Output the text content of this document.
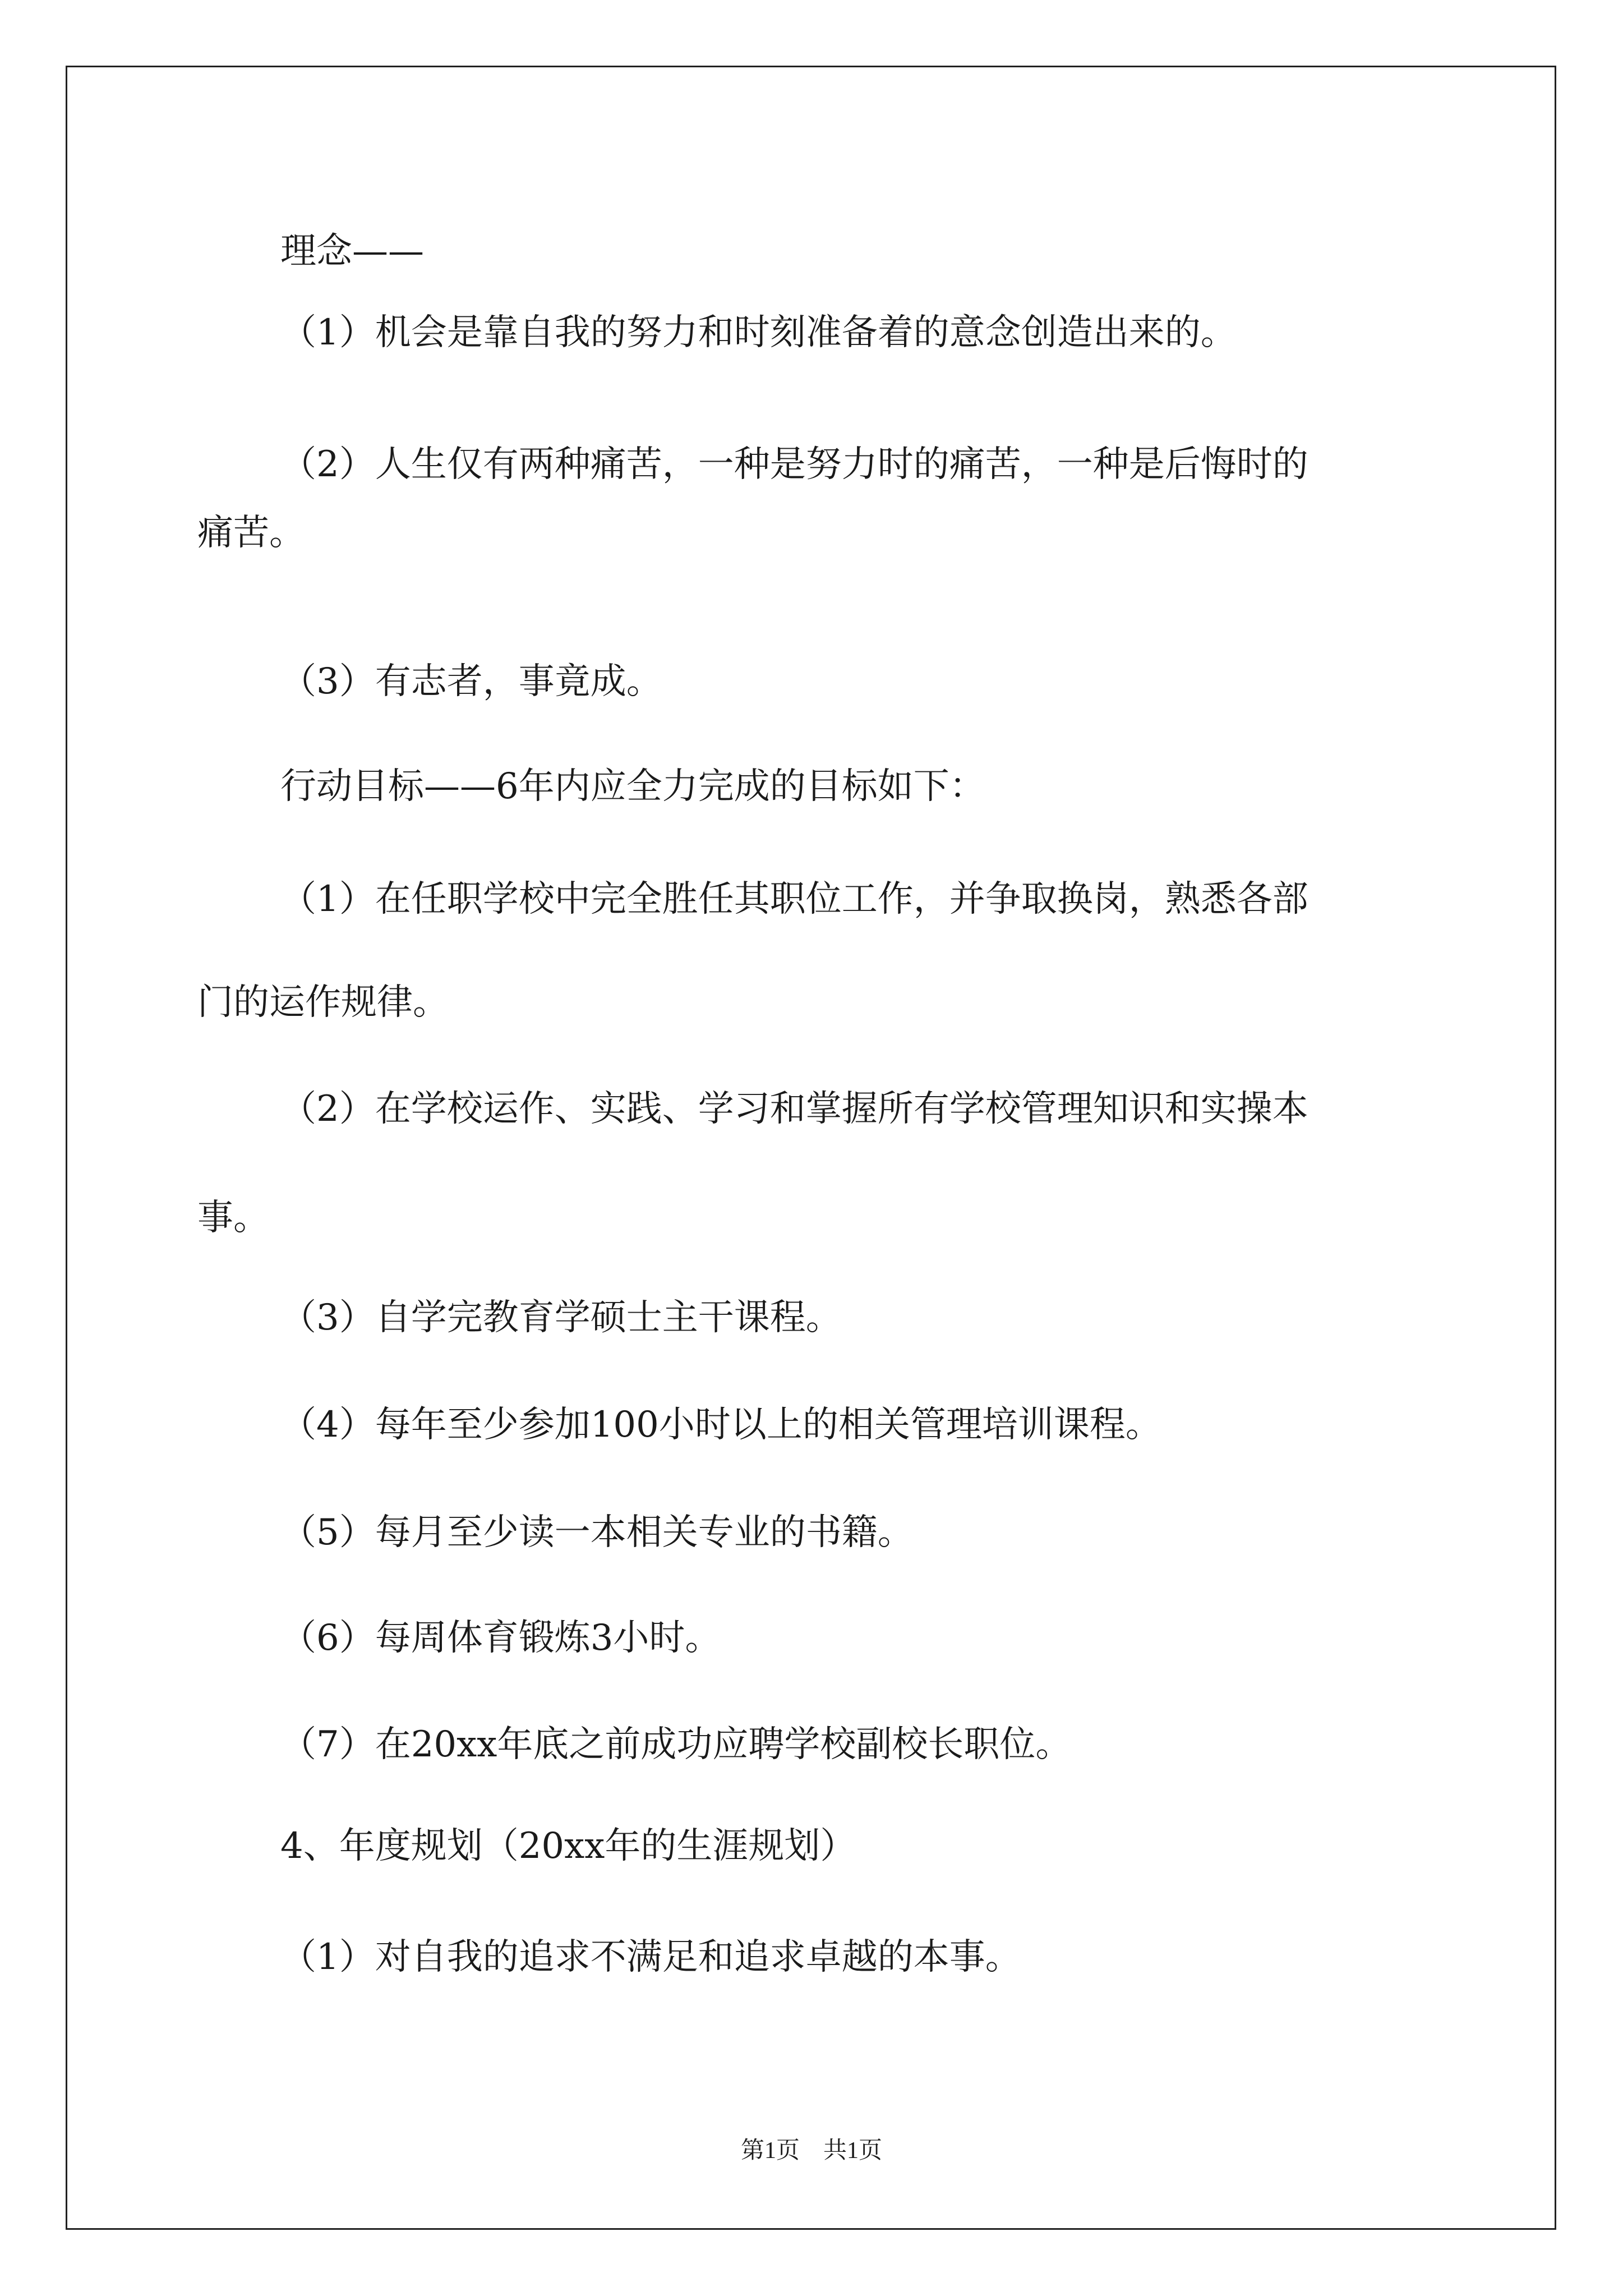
理念——

（1）机会是靠自我的努力和时刻准备着的意念创造出来的。

（2）人生仅有两种痛苦，一种是努力时的痛苦，一种是后悔时的

痛苦。

（3）有志者，事竟成。

行动目标——6年内应全力完成的目标如下：

（1）在任职学校中完全胜任其职位工作，并争取换岗，熟悉各部

门的运作规律。

（2）在学校运作、实践、学习和掌握所有学校管理知识和实操本

事。

（3）自学完教育学硕士主干课程。

（4）每年至少参加100小时以上的相关管理培训课程。

（5）每月至少读一本相关专业的书籍。

（6）每周体育锻炼3小时。

（7）在20xx年底之前成功应聘学校副校长职位。

4、年度规划（20xx年的生涯规划）

（1）对自我的追求不满足和追求卓越的本事。

第1页　共1页
